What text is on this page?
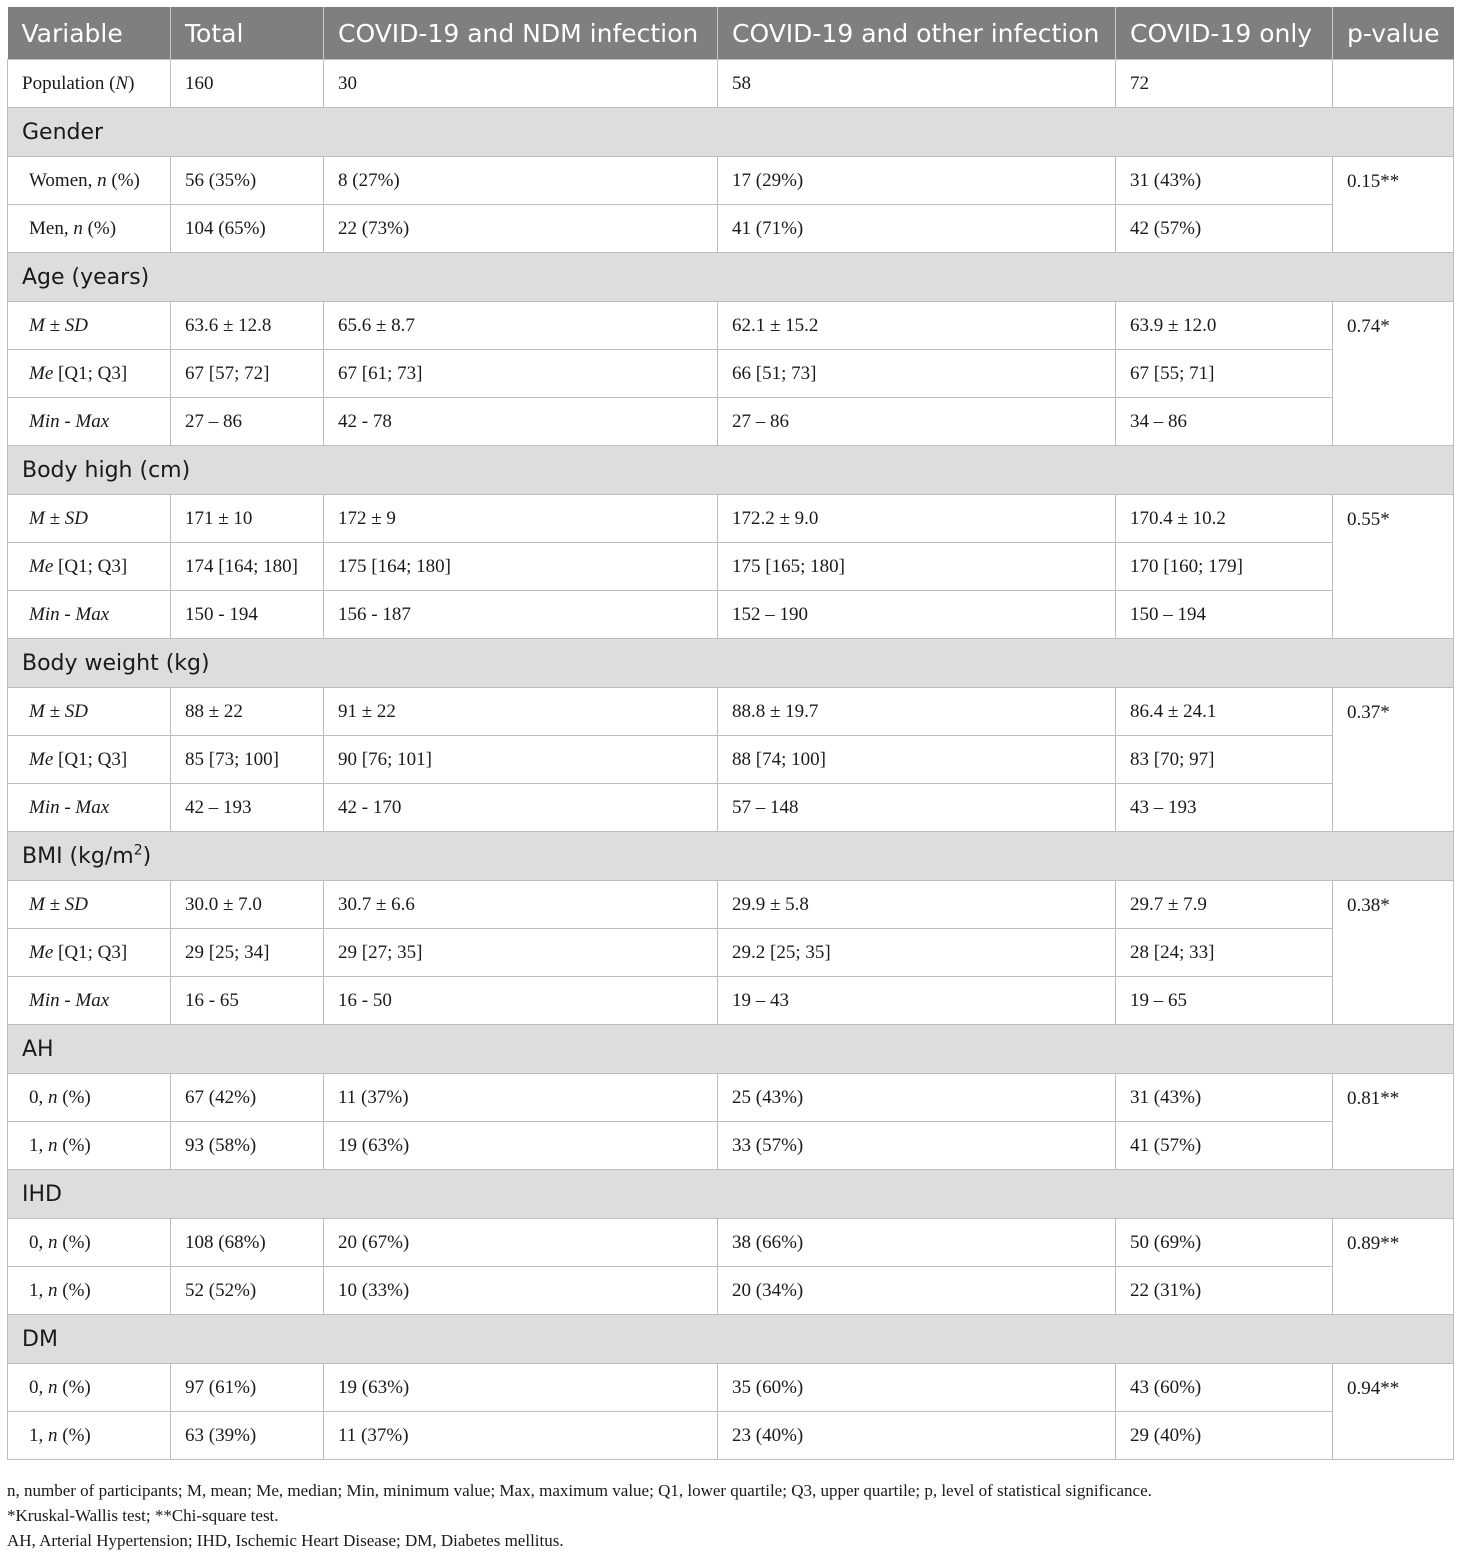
Variable	Total	COVID-19 and NDM infection	COVID-19 and other infection	COVID-19 only	p-value
Population (N)	160	30	58	72	
Gender					
Women, n (%)	56 (35%)	8 (27%)	17 (29%)	31 (43%)	0.15**
Men, n (%)	104 (65%)	22 (73%)	41 (71%)	42 (57%)	
Age (years)					
M ± SD	63.6 ± 12.8	65.6 ± 8.7	62.1 ± 15.2	63.9 ± 12.0	0.74*
Me [Q1; Q3]	67 [57; 72]	67 [61; 73]	66 [51; 73]	67 [55; 71]	
Min - Max	27 – 86	42 - 78	27 – 86	34 – 86	
Body high (cm)					
M ± SD	171 ± 10	172 ± 9	172.2 ± 9.0	170.4 ± 10.2	0.55*
Me [Q1; Q3]	174 [164; 180]	175 [164; 180]	175 [165; 180]	170 [160; 179]	
Min - Max	150 - 194	156 - 187	152 – 190	150 – 194	
Body weight (kg)					
M ± SD	88 ± 22	91 ± 22	88.8 ± 19.7	86.4 ± 24.1	0.37*
Me [Q1; Q3]	85 [73; 100]	90 [76; 101]	88 [74; 100]	83 [70; 97]	
Min - Max	42 – 193	42 - 170	57 – 148	43 – 193	
BMI $(kg/m^2)$					
M ± SD	30.0 ± 7.0	30.7 ± 6.6	29.9 ± 5.8	29.7 ± 7.9	0.38*
Me [Q1; Q3]	29 [25; 34]	29 [27; 35]	29.2 [25; 35]	28 [24; 33]	
Min - Max	16 - 65	16 - 50	19 – 43	19 – 65	
AH					
0, n (%)	67 (42%)	11 (37%)	25 (43%)	31 (43%)	0.81**
1, n (%)	93 (58%)	19 (63%)	33 (57%)	41 (57%)	
IHD					
0, n (%)	108 (68%)	20 (67%)	38 (66%)	50 (69%)	0.89**
1, n (%)	52 (52%)	10 (33%)	20 (34%)	22 (31%)	
DM					
0, n (%)	97 (61%)	19 (63%)	35 (60%)	43 (60%)	0.94**
1, n (%)	63 (39%)	11 (37%)	23 (40%)	29 (40%)	

n, number of participants; M, mean; Me, median; Min, minimum value; Max, maximum value; Q1, lower quartile; Q3, upper quartile; p, level of statistical significance.

*Kruskal-Wallis test; **Chi-square test.

AH, Arterial Hypertension; IHD, Ischemic Heart Disease; DM, Diabetes mellitus.
